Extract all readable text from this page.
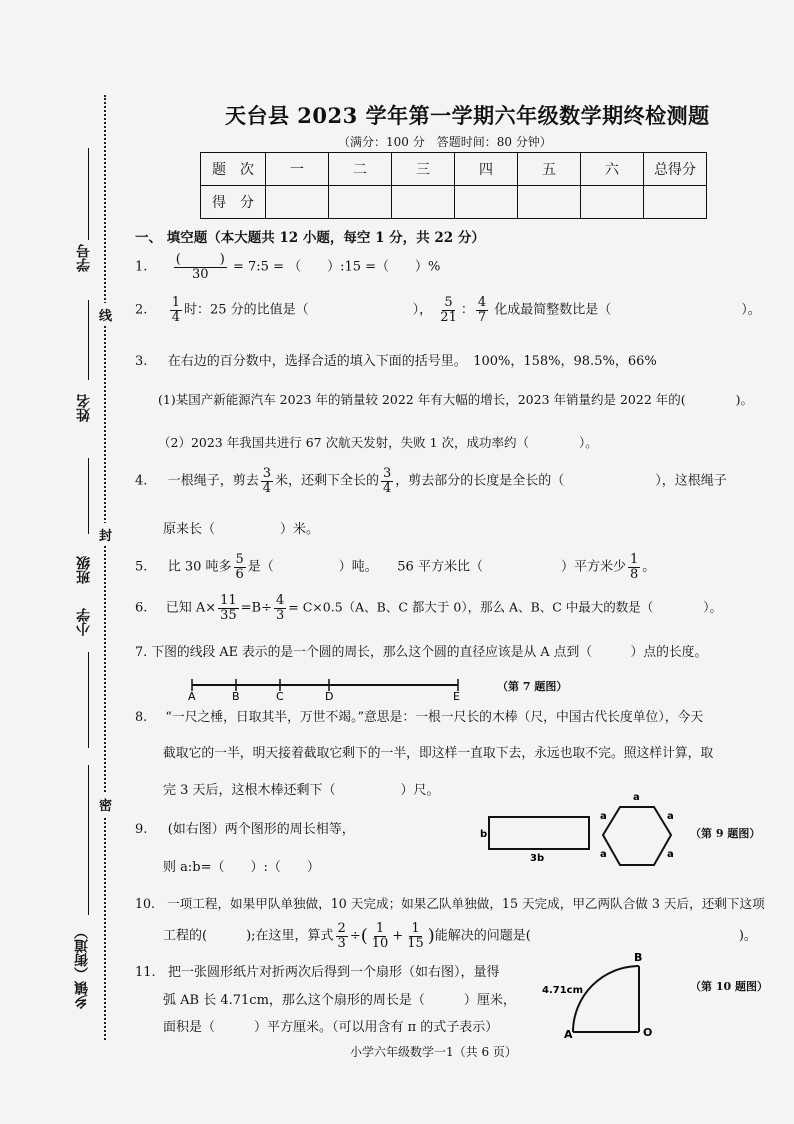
线
封
密
学号
姓名
班级
小学
乡镇（街道）
天台县 2023 学年第一学期六年级数学期终检测题
（满分：100 分　答题时间：80 分钟）
题　次	一	二	三	四	五	六	总得分
得　分							
一、 填空题（本大题共 12 小题，每空 1 分，共 22 分）
1. $\frac{( )}{30}$ = 7:5 = （　　）:15 =（　　）%
2. $\frac{1}{4}$ 时：25 分的比值是（　　　　　　　　）， $\frac{5}{21}$ ： $\frac{4}{7}$ 化成最简整数比是（　　　　　　　　　　）。
3. 在右边的百分数中，选择合适的填入下面的括号里。　100%，158%，98.5%，66%
(1)某国产新能源汽车 2023 年的销量较 2022 年有大幅的增长，2023 年销量约是 2022 年的(　　　　)。
（2）2023 年我国共进行 67 次航天发射，失败 1 次，成功率约（　　　　）。
4. 一根绳子，剪去 $\frac{3}{4}$ 米，还剩下全长的 $\frac{3}{4}$ ，剪去部分的长度是全长的（　　　　　　　），这根绳子
原来长（　　　　　）米。
5. 比 30 吨多 $\frac{5}{6}$ 是（　　　　　）吨。　　56 平方米比（　　　　　　）平方米少 $\frac{1}{8}$ 。
6. 已知 $A\times \frac{11}{35} =B\div \frac{4}{3} = C\times 0.5(A$、B、C 都大于 0），那么 A、B、C 中最大的数是（　　　　）。
7. 下图的线段 AE 表示的是一个圆的周长，那么这个圆的直径应该是从 A 点到（　　　）点的长度。
A	B	C	D	E
（第 7 题图）
8. “一尺之棰，日取其半，万世不竭。”意思是：一根一尺长的木棒（尺，中国古代长度单位），今天
截取它的一半，明天接着截取它剩下的一半，即这样一直取下去，永远也取不完。照这样计算，取
完 3 天后，这根木棒还剩下（　　　　　）尺。
9. (如右图）两个图形的周长相等，
则 a:b=（　　）:（　　）
b
3b
a
a	a
a	a
（第 9 题图）
10. 一项工程，如果甲队单独做，10 天完成；如果乙队单独做，15 天完成，甲乙两队合做 3 天后，还剩下这项
工程的(　　　);在这里，算式 $\frac{2}{3}$ ÷( $\frac{1}{10} + \frac{1}{15}$ )能解决的问题是(　　　　　　　　　　　　　　　　)。
11. 把一张圆形纸片对折两次后得到一个扇形（如右图），量得
弧 AB 长 4.71cm，那么这个扇形的周长是（　　　）厘米，
面积是（　　　）平方厘米。（可以用含有 π 的式子表示）
4.71cm
B
A	O
（第 10 题图）
小学六年级数学一1（共 6 页）
